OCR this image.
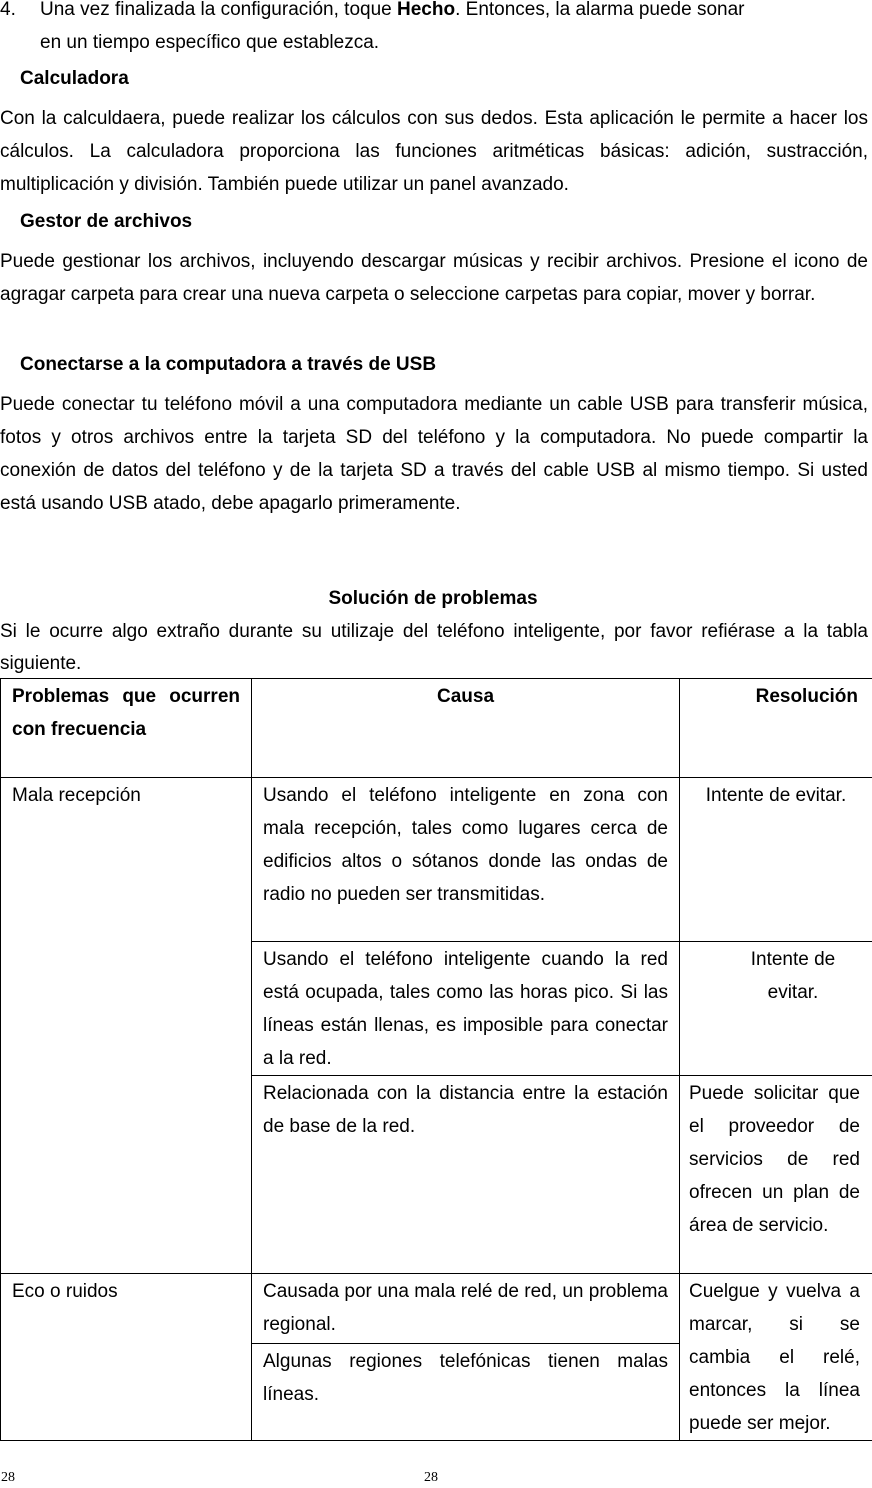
4.	Una vez finalizada la configuración, toque Hecho. Entonces, la alarma puede sonar
en un tiempo específico que establezca.
Calculadora

Con la calculdaera, puede realizar los cálculos con sus dedos. Esta aplicación le permite a hacer los cálculos. La calculadora proporciona las funciones aritméticas básicas: adición, sustracción, multiplicación y división. También puede utilizar un panel avanzado.

Gestor de archivos

Puede gestionar los archivos, incluyendo descargar músicas y recibir archivos. Presione el icono de agragar carpeta para crear una nueva carpeta o seleccione carpetas para copiar, mover y borrar.

Conectarse a la computadora a través de USB

Puede conectar tu teléfono móvil a una computadora mediante un cable USB para transferir música, fotos y otros archivos entre la tarjeta SD del teléfono y la computadora. No puede compartir la conexión de datos del teléfono y de la tarjeta SD a través del cable USB al mismo tiempo. Si usted está usando USB atado, debe apagarlo primeramente.

Solución de problemas

Si le ocurre algo extraño durante su utilizaje del teléfono inteligente, por favor refiérase a la tabla siguiente.

Problemas que ocurren con frecuencia	Causa	Resolución

Mala recepción	Usando el teléfono inteligente en zona con mala recepción, tales como lugares cerca de edificios altos o sótanos donde las ondas de radio no pueden ser transmitidas.	Intente de evitar.

	Usando el teléfono inteligente cuando la red está ocupada, tales como las horas pico. Si las líneas están llenas, es imposible para conectar a la red.	Intente de evitar.

	Relacionada con la distancia entre la estación de base de la red.	Puede solicitar que el proveedor de servicios de red ofrecen un plan de área de servicio.

Eco o ruidos	Causada por una mala relé de red, un problema regional.	Cuelgue y vuelva a marcar, si se cambia el relé, entonces la línea puede ser mejor.

	Algunas regiones telefónicas tienen malas líneas.	
28	28
